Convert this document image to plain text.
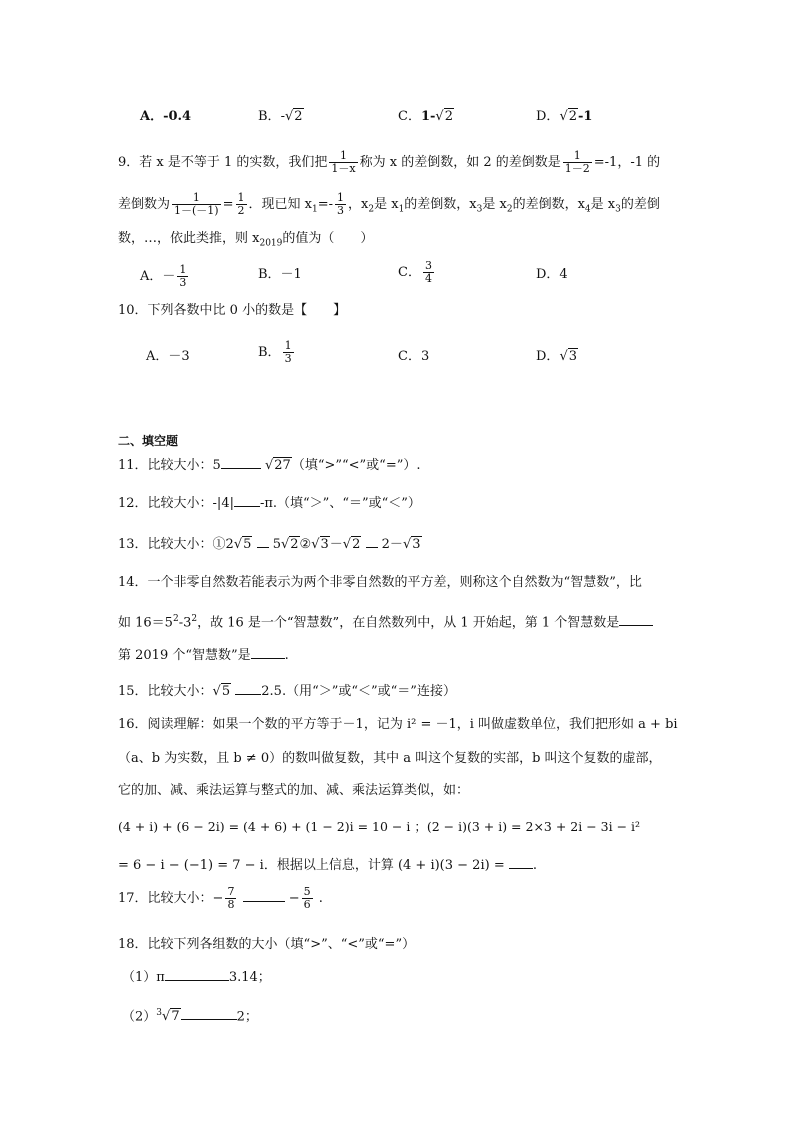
A．-0.4	B．-√2	C．1-√2	D．√2-1
9．若 x 是不等于 1 的实数，我们把 $\frac{1}{1-x}$ 称为 x 的差倒数，如 2 的差倒数是 $\frac{1}{1-2} =-1$，-1 的
差倒数为 $\frac{1}{1-(-1)} = \frac{1}{2}$ ．现已知 $x_1=- \frac{1}{3}$ ，$x_2$是 $x_1$的差倒数，$x_3$是 $x_2$的差倒数，$x_4$是 $x_3$的差倒
数，…，依此类推，则 $x_{2019}$的值为（　　）
A．－ $\frac{1}{3}$	B．－1	C． $\frac{3}{4}$	D．4
10．下列各数中比 0 小的数是【　　】
A．－3	B． $\frac{1}{3}$	C．3	D．√3
二、填空题
11．比较大小：5	√27（填“>”“<”或“=”）.
12．比较大小：-|4| -π.（填“＞”、“＝”或“＜”）
13．比较大小：①2√5 5√2②√3－√2 2－√3
14．一个非零自然数若能表示为两个非零自然数的平方差，则称这个自然数为“智慧数”，比
如 $16=5^2-3^2$，故 16 是一个“智慧数”，在自然数列中，从 1 开始起，第 1 个智慧数是
第 2019 个“智慧数”是	.
15．比较大小：√5 2.5.（用“＞”或“＜”或“＝”连接）
16．阅读理解：如果一个数的平方等于－1，记为 i² = －1，i 叫做虚数单位，我们把形如 a + bi
（a、b 为实数，且 b ≠ 0）的数叫做复数，其中 a 叫这个复数的实部，b 叫这个复数的虚部，
它的加、减、乘法运算与整式的加、减、乘法运算类似，如：
(4 + i) + (6 − 2i) = (4 + 6) + (1 − 2)i = 10 − i ；(2 − i)(3 + i) = 2×3 + 2i − 3i − i²
= 6 − i − (−1) = 7 − i．根据以上信息，计算 (4 + i)(3 − 2i) = .
17．比较大小：− $\frac{7}{8}$	− $\frac{5}{6}$ .
18．比较下列各组数的大小（填“>”、“<”或“=”）
（1）π	3.14；
$(2)^3√7$	2；
